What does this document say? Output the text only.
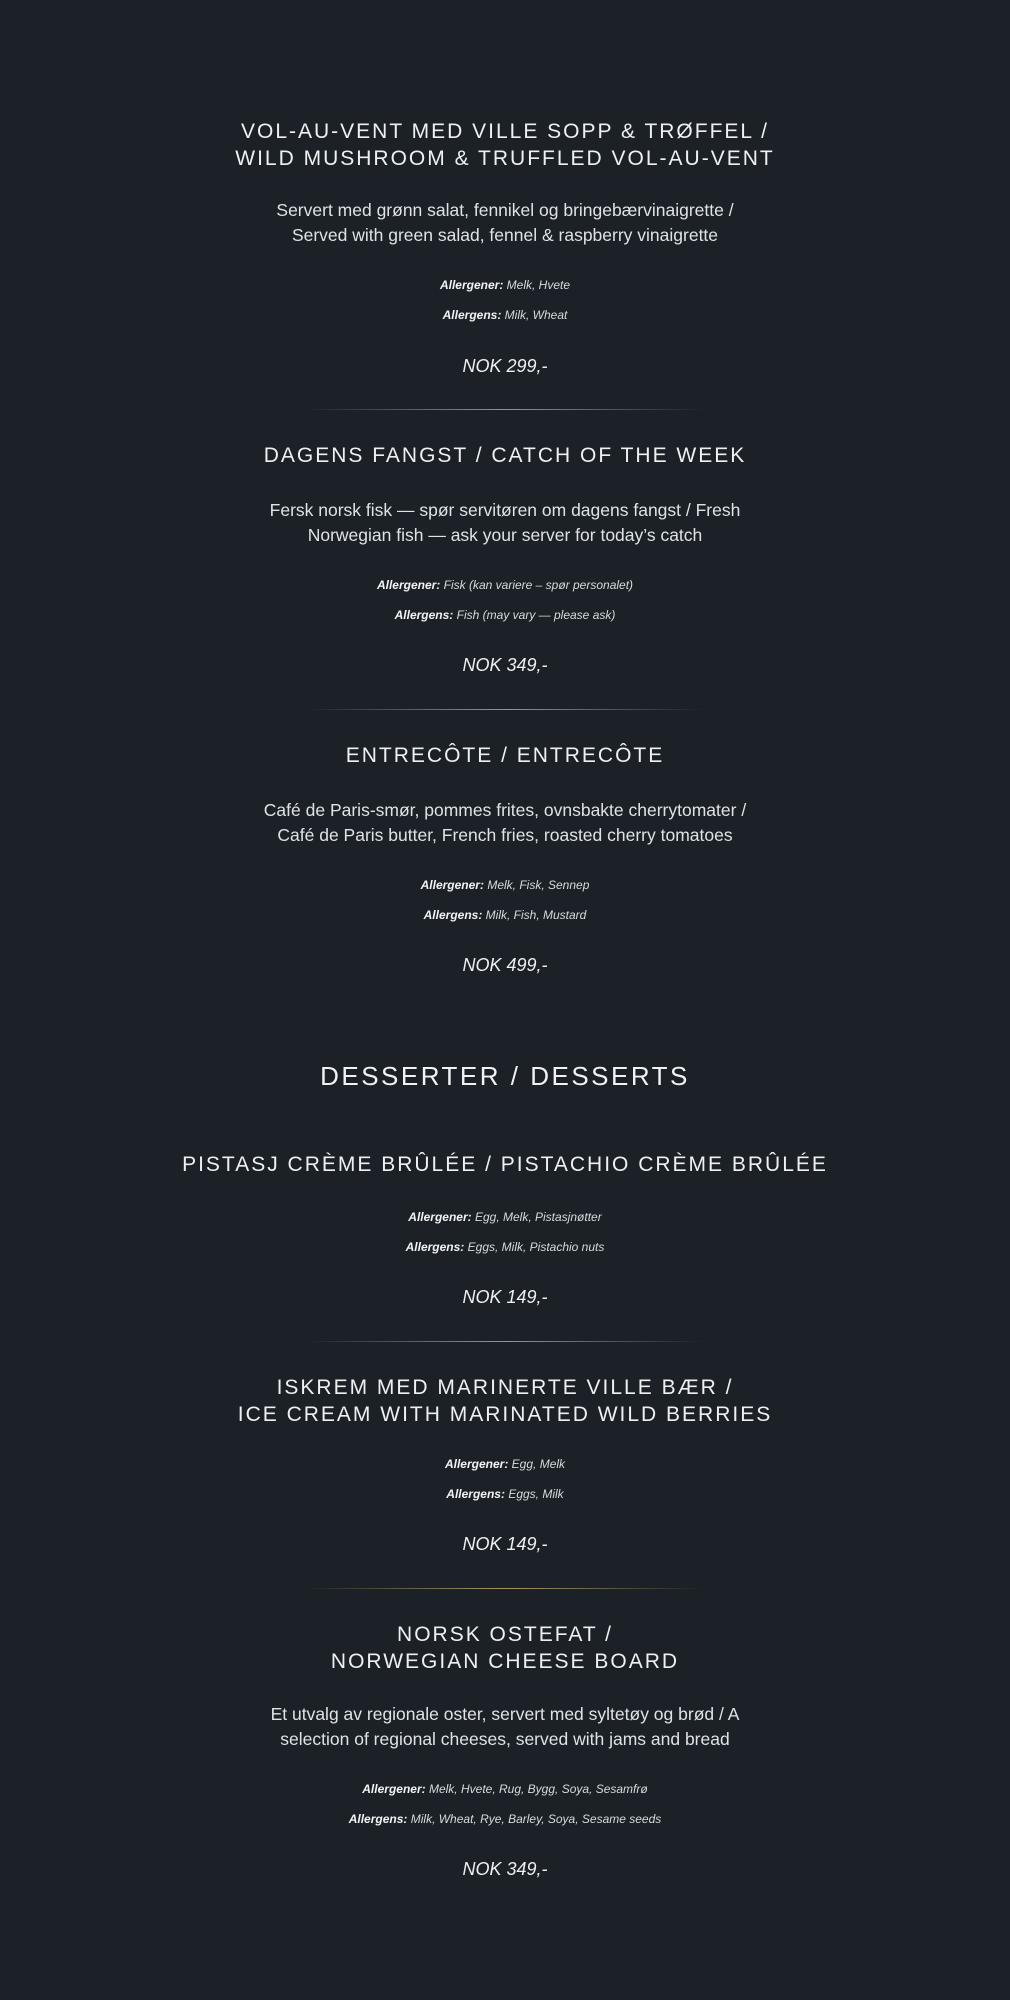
VOL-AU-VENT MED VILLE SOPP & TRØFFEL /
WILD MUSHROOM & TRUFFLED VOL-AU-VENT
Servert med grønn salat, fennikel og bringebærvinaigrette / Served with green salad, fennel & raspberry vinaigrette
Allergener: Melk, Hvete
Allergens: Milk, Wheat
NOK 299,-
DAGENS FANGST / CATCH OF THE WEEK
Fersk norsk fisk — spør servitøren om dagens fangst / Fresh Norwegian fish — ask your server for today’s catch
Allergener: Fisk (kan variere – spør personalet)
Allergens: Fish (may vary — please ask)
NOK 349,-
ENTRECÔTE / ENTRECÔTE
Café de Paris-smør, pommes frites, ovnsbakte cherrytomater / Café de Paris butter, French fries, roasted cherry tomatoes
Allergener: Melk, Fisk, Sennep
Allergens: Milk, Fish, Mustard
NOK 499,-
DESSERTER / DESSERTS
PISTASJ CRÈME BRÛLÉE / PISTACHIO CRÈME BRÛLÉE
Allergener: Egg, Melk, Pistasjnøtter
Allergens: Eggs, Milk, Pistachio nuts
NOK 149,-
ISKREM MED MARINERTE VILLE BÆR /
ICE CREAM WITH MARINATED WILD BERRIES
Allergener: Egg, Melk
Allergens: Eggs, Milk
NOK 149,-
NORSK OSTEFAT /
NORWEGIAN CHEESE BOARD
Et utvalg av regionale oster, servert med syltetøy og brød / A selection of regional cheeses, served with jams and bread
Allergener: Melk, Hvete, Rug, Bygg, Soya, Sesamfrø
Allergens: Milk, Wheat, Rye, Barley, Soya, Sesame seeds
NOK 349,-
